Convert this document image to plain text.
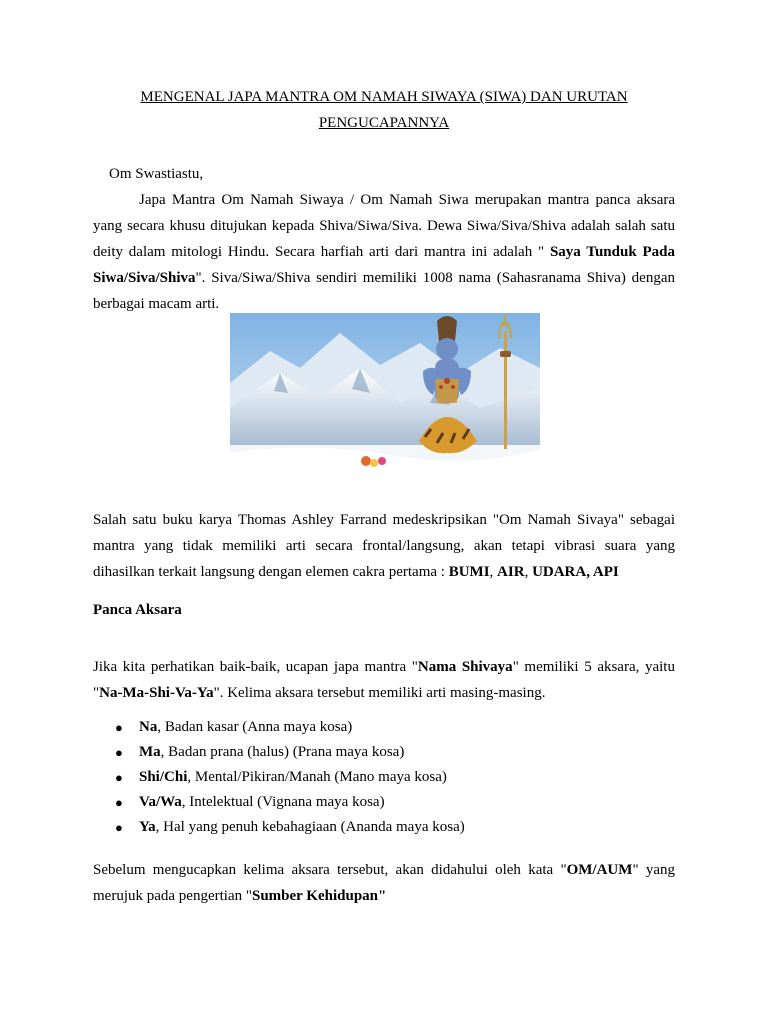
MENGENAL JAPA MANTRA OM NAMAH SIWAYA (SIWA) DAN URUTAN
PENGUCAPANNYA
Om Swastiastu,

Japa Mantra Om Namah Siwaya / Om Namah Siwa merupakan mantra panca aksara yang secara khusu ditujukan kepada Shiva/Siwa/Siva. Dewa Siwa/Siva/Shiva adalah salah satu deity dalam mitologi Hindu. Secara harfiah arti dari mantra ini adalah " Saya Tunduk Pada Siwa/Siva/Shiva". Siva/Siwa/Shiva sendiri memiliki 1008 nama (Sahasranama Shiva) dengan berbagai macam arti.

Salah satu buku karya Thomas Ashley Farrand medeskripsikan "Om Namah Sivaya" sebagai mantra yang tidak memiliki arti secara frontal/langsung, akan tetapi vibrasi suara yang dihasilkan terkait langsung dengan elemen cakra pertama : BUMI, AIR, UDARA, API

Panca Aksara

Jika kita perhatikan baik-baik, ucapan japa mantra "Nama Shivaya" memiliki 5 aksara, yaitu "Na-Ma-Shi-Va-Ya". Kelima aksara tersebut memiliki arti masing-masing.

● Na, Badan kasar (Anna maya kosa)
● Ma, Badan prana (halus) (Prana maya kosa)
● Shi/Chi, Mental/Pikiran/Manah (Mano maya kosa)
● Va/Wa, Intelektual (Vignana maya kosa)
● Ya, Hal yang penuh kebahagiaan (Ananda maya kosa)

Sebelum mengucapkan kelima aksara tersebut, akan didahului oleh kata "OM/AUM" yang merujuk pada pengertian "Sumber Kehidupan"
